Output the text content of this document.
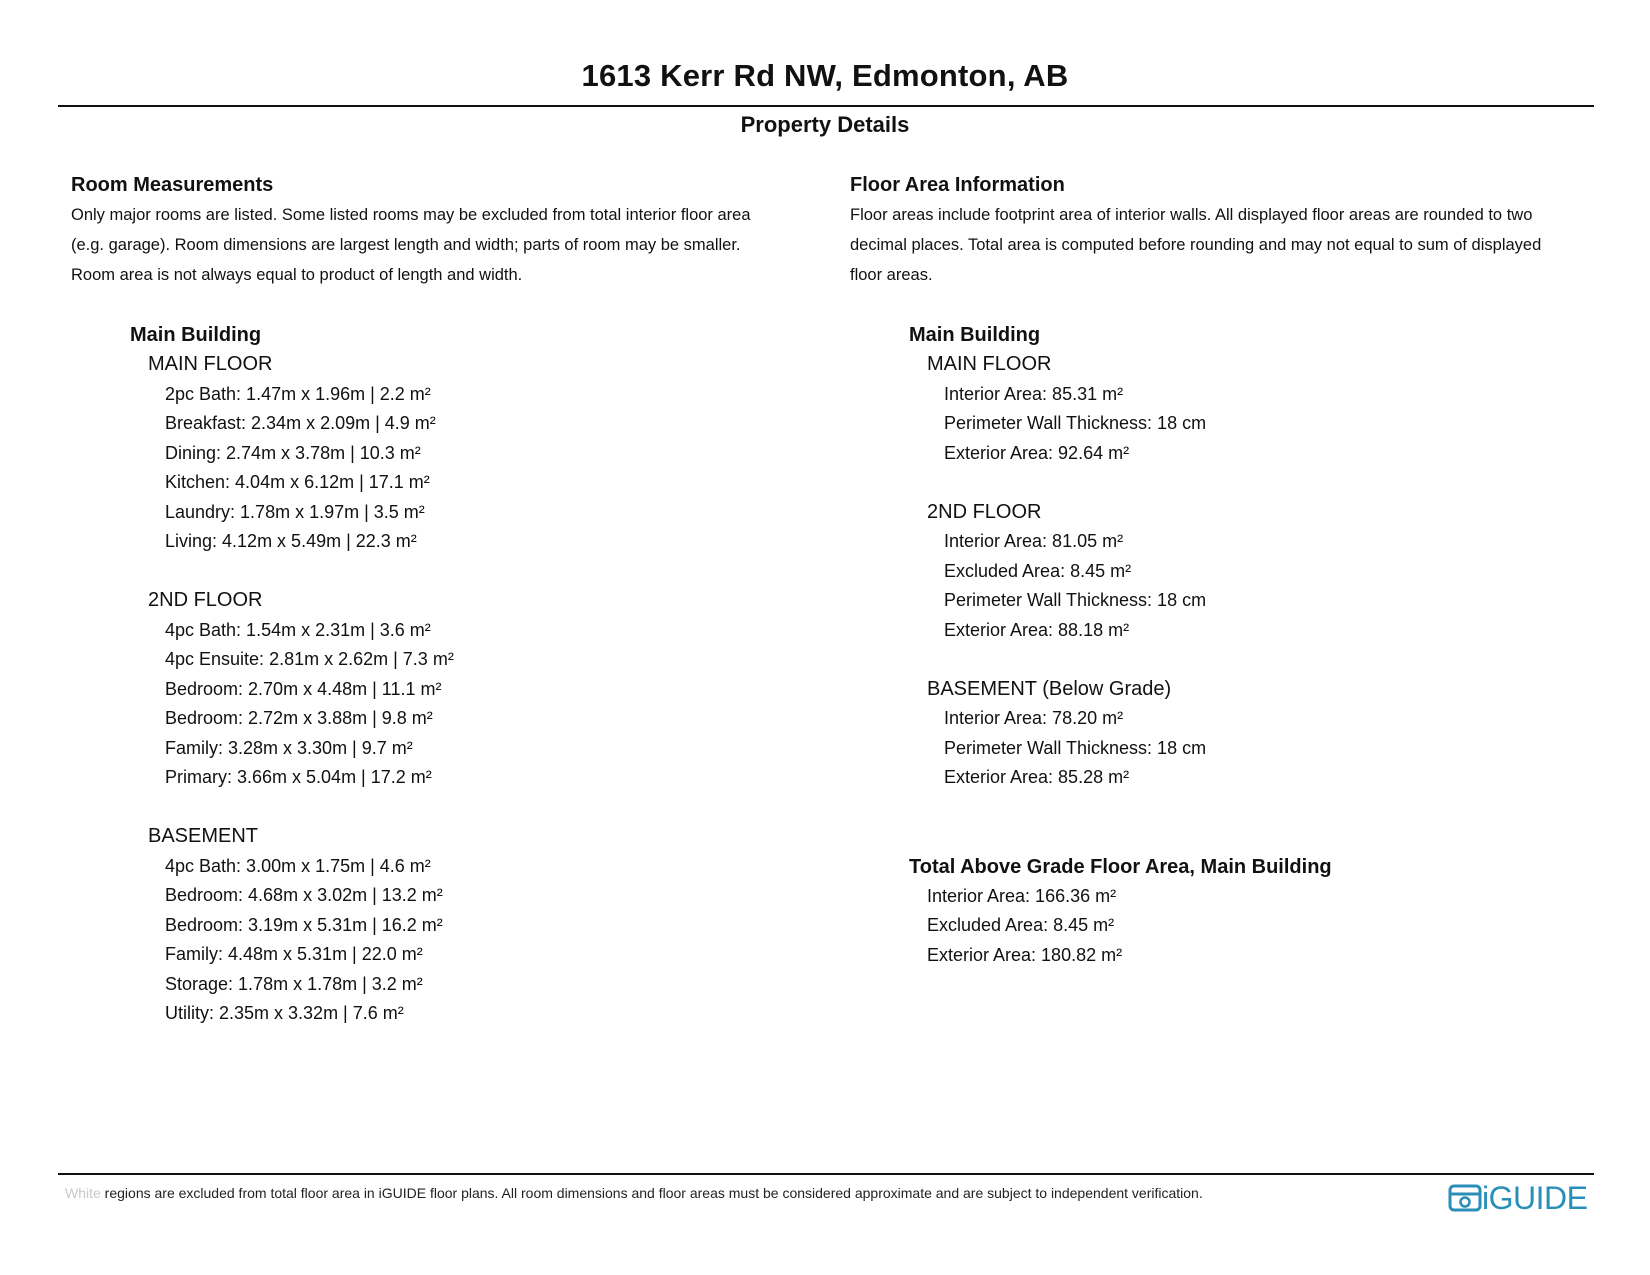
1613 Kerr Rd NW, Edmonton, AB
Property Details
Room Measurements

Only major rooms are listed. Some listed rooms may be excluded from total interior floor area
(e.g. garage). Room dimensions are largest length and width; parts of room may be smaller.
Room area is not always equal to product of length and width.

Main Building
MAIN FLOOR
2pc Bath: 1.47m x 1.96m | 2.2 m²
Breakfast: 2.34m x 2.09m | 4.9 m²
Dining: 2.74m x 3.78m | 10.3 m²
Kitchen: 4.04m x 6.12m | 17.1 m²
Laundry: 1.78m x 1.97m | 3.5 m²
Living: 4.12m x 5.49m | 22.3 m²
2ND FLOOR
4pc Bath: 1.54m x 2.31m | 3.6 m²
4pc Ensuite: 2.81m x 2.62m | 7.3 m²
Bedroom: 2.70m x 4.48m | 11.1 m²
Bedroom: 2.72m x 3.88m | 9.8 m²
Family: 3.28m x 3.30m | 9.7 m²
Primary: 3.66m x 5.04m | 17.2 m²
BASEMENT
4pc Bath: 3.00m x 1.75m | 4.6 m²
Bedroom: 4.68m x 3.02m | 13.2 m²
Bedroom: 3.19m x 5.31m | 16.2 m²
Family: 4.48m x 5.31m | 22.0 m²
Storage: 1.78m x 1.78m | 3.2 m²
Utility: 2.35m x 3.32m | 7.6 m²
Floor Area Information

Floor areas include footprint area of interior walls. All displayed floor areas are rounded to two
decimal places. Total area is computed before rounding and may not equal to sum of displayed
floor areas.

Main Building
MAIN FLOOR
Interior Area: 85.31 m²
Perimeter Wall Thickness: 18 cm
Exterior Area: 92.64 m²
2ND FLOOR
Interior Area: 81.05 m²
Excluded Area: 8.45 m²
Perimeter Wall Thickness: 18 cm
Exterior Area: 88.18 m²
BASEMENT (Below Grade)
Interior Area: 78.20 m²
Perimeter Wall Thickness: 18 cm
Exterior Area: 85.28 m²
Total Above Grade Floor Area, Main Building
Interior Area: 166.36 m²
Excluded Area: 8.45 m²
Exterior Area: 180.82 m²
White regions are excluded from total floor area in iGUIDE floor plans. All room dimensions and floor areas must be considered approximate and are subject to independent verification.	iGUIDE
